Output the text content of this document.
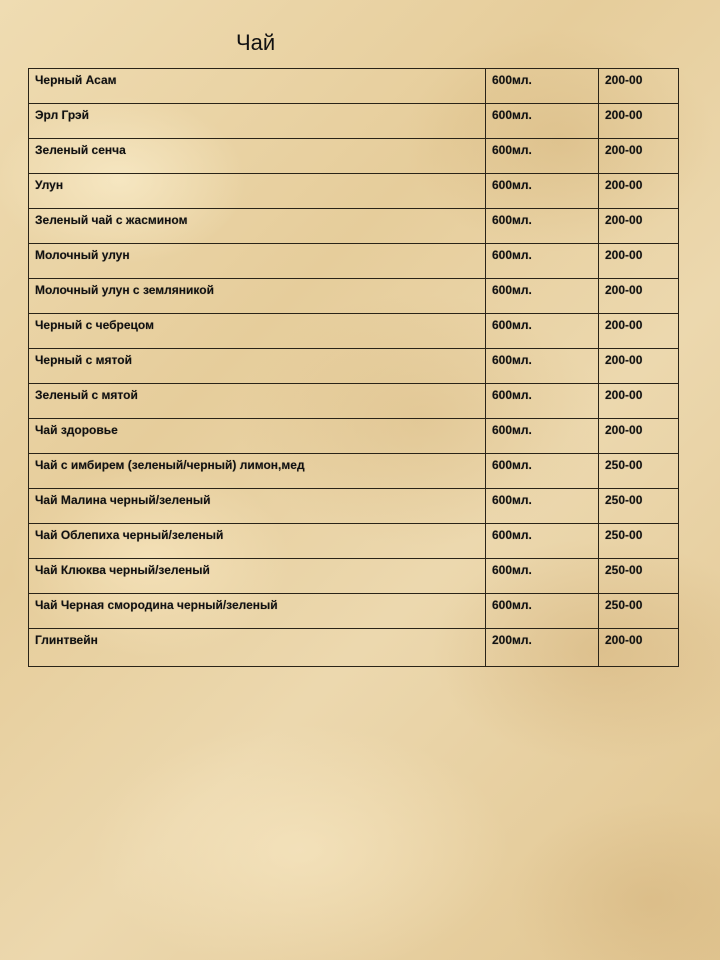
Чай
Черный Асам	600мл.	200-00
Эрл Грэй	600мл.	200-00
Зеленый сенча	600мл.	200-00
Улун	600мл.	200-00
Зеленый чай с жасмином	600мл.	200-00
Молочный улун	600мл.	200-00
Молочный улун с земляникой	600мл.	200-00
Черный с чебрецом	600мл.	200-00
Черный с мятой	600мл.	200-00
Зеленый с мятой	600мл.	200-00
Чай здоровье	600мл.	200-00
Чай с имбирем (зеленый/черный) лимон,мед	600мл.	250-00
Чай Малина черный/зеленый	600мл.	250-00
Чай Облепиха черный/зеленый	600мл.	250-00
Чай Клюква черный/зеленый	600мл.	250-00
Чай Черная смородина черный/зеленый	600мл.	250-00
Глинтвейн	200мл.	200-00
